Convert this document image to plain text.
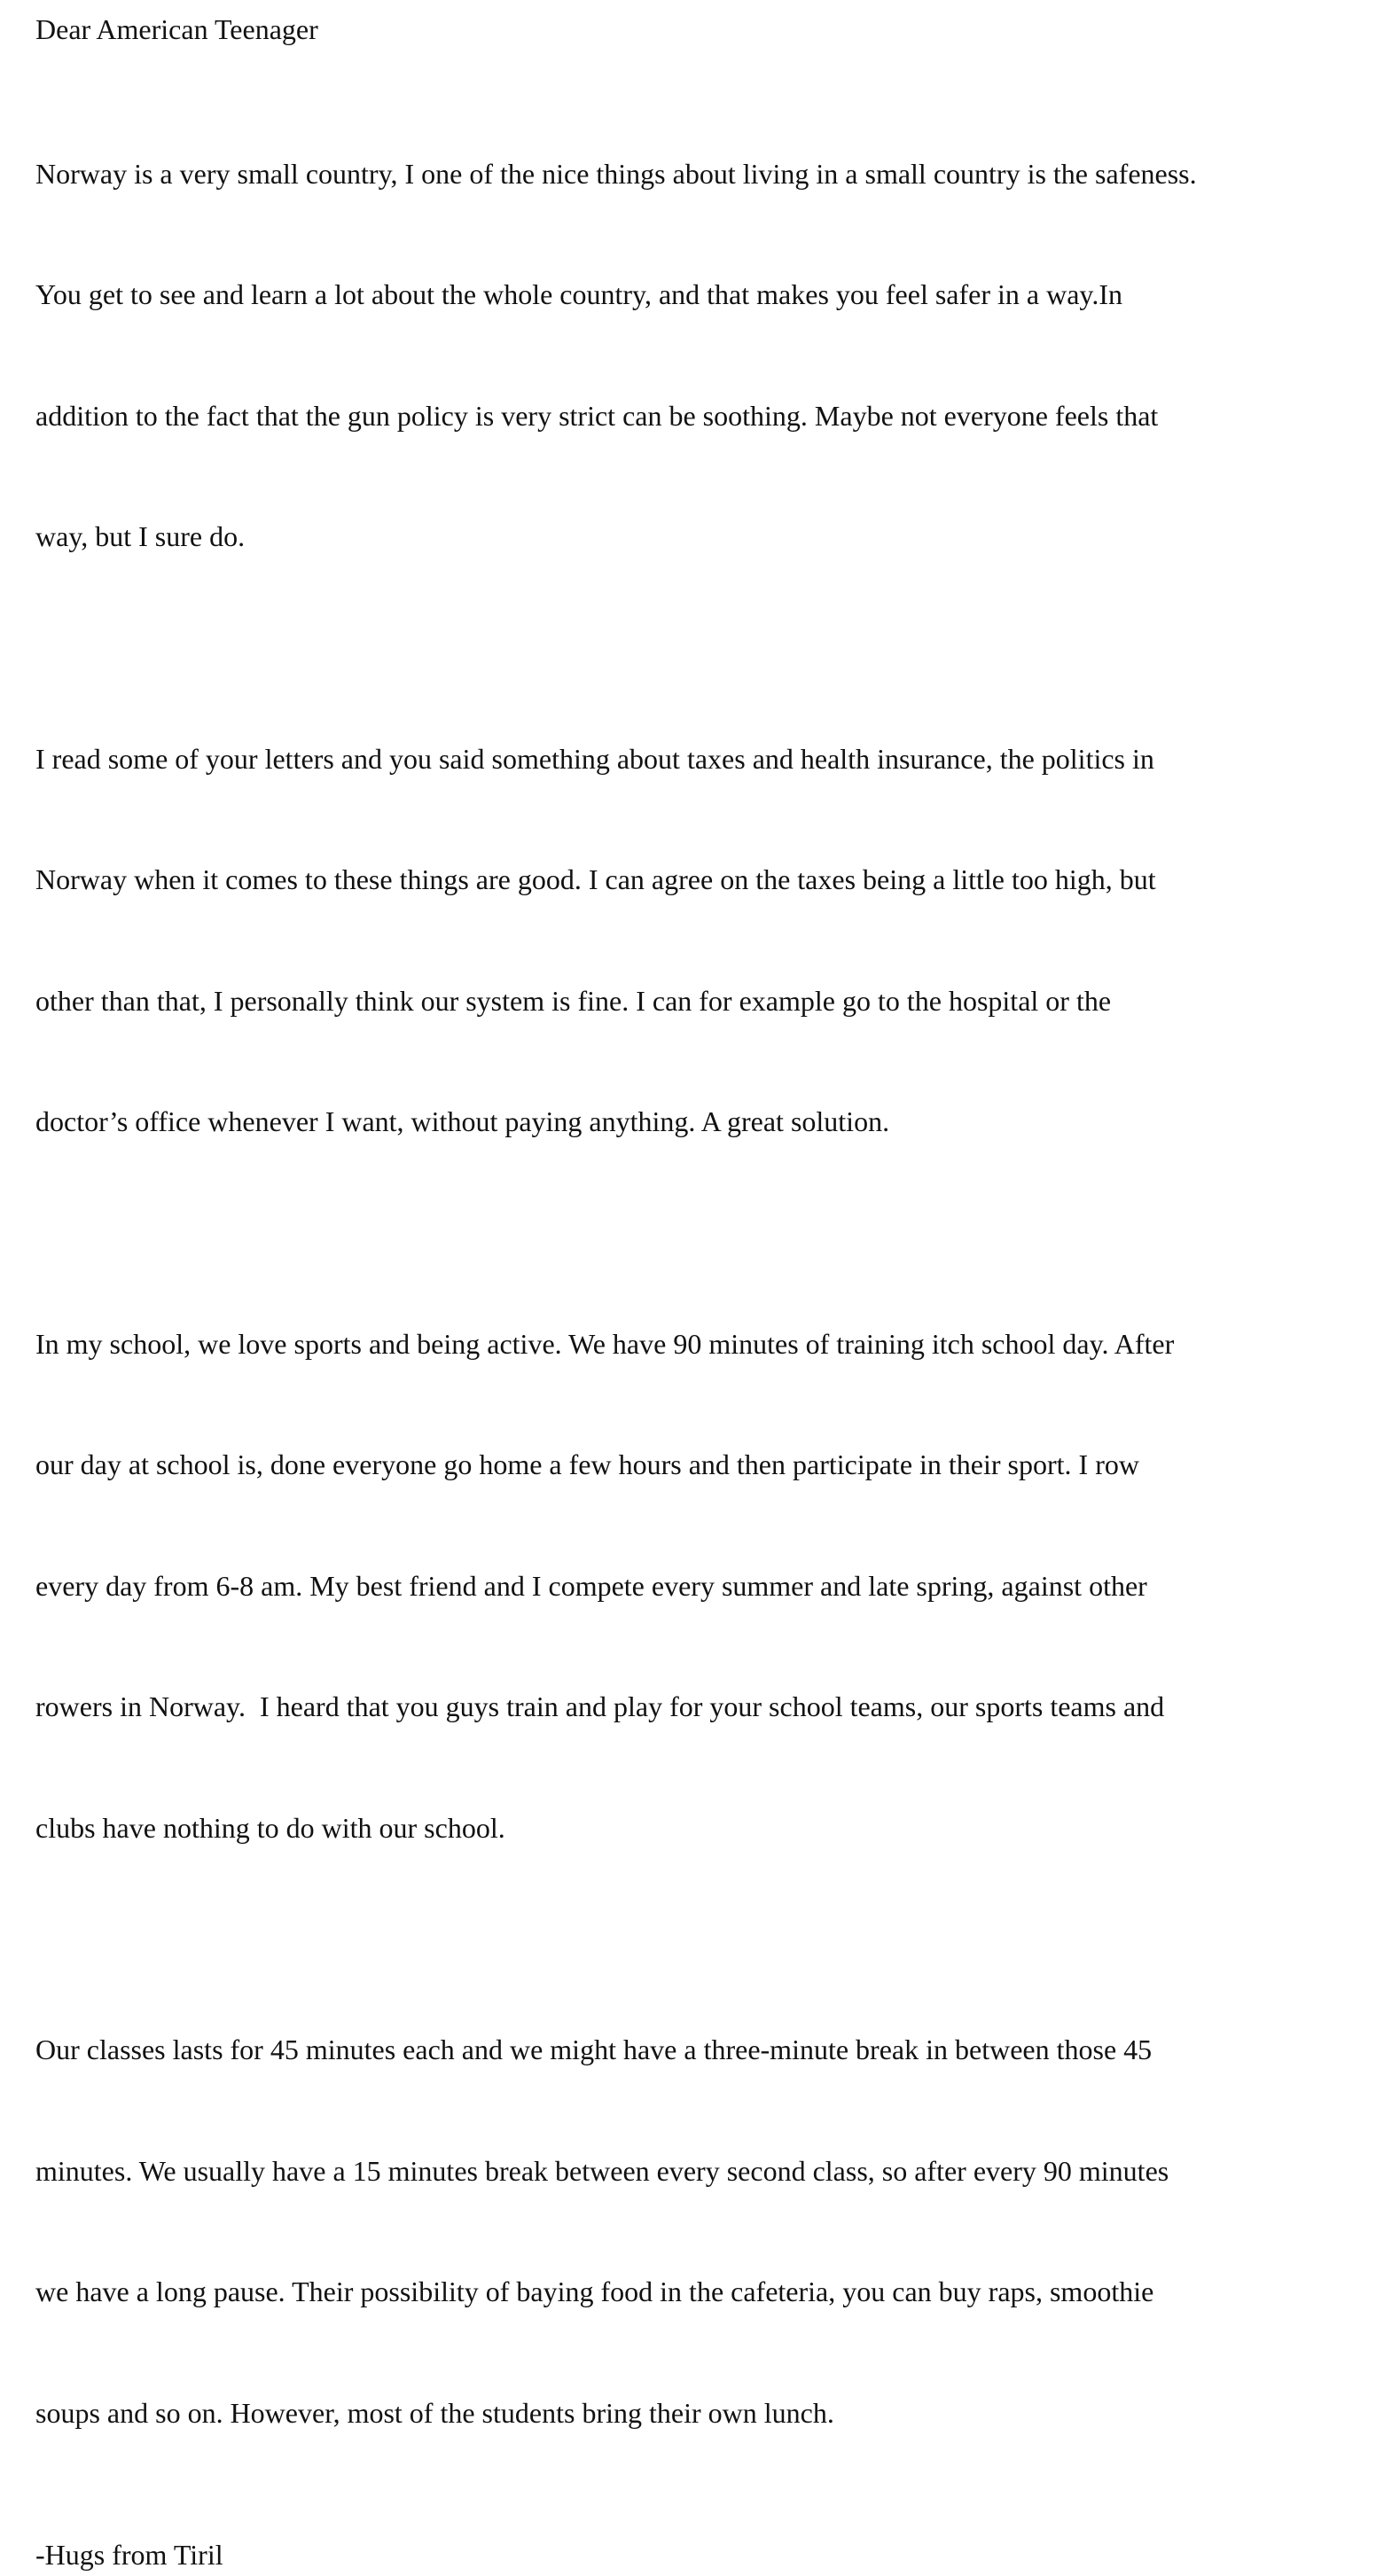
Dear American Teenager

Norway is a very small country, I one of the nice things about living in a small country is the safeness.

You get to see and learn a lot about the whole country, and that makes you feel safer in a way.In

addition to the fact that the gun policy is very strict can be soothing. Maybe not everyone feels that

way, but I sure do.

I read some of your letters and you said something about taxes and health insurance, the politics in

Norway when it comes to these things are good. I can agree on the taxes being a little too high, but

other than that, I personally think our system is fine. I can for example go to the hospital or the

doctor’s office whenever I want, without paying anything. A great solution.

In my school, we love sports and being active. We have 90 minutes of training itch school day. After

our day at school is, done everyone go home a few hours and then participate in their sport. I row

every day from 6-8 am. My best friend and I compete every summer and late spring, against other

rowers in Norway.  I heard that you guys train and play for your school teams, our sports teams and

clubs have nothing to do with our school.

Our classes lasts for 45 minutes each and we might have a three-minute break in between those 45

minutes. We usually have a 15 minutes break between every second class, so after every 90 minutes

we have a long pause. Their possibility of baying food in the cafeteria, you can buy raps, smoothie

soups and so on. However, most of the students bring their own lunch.

-Hugs from Tiril
